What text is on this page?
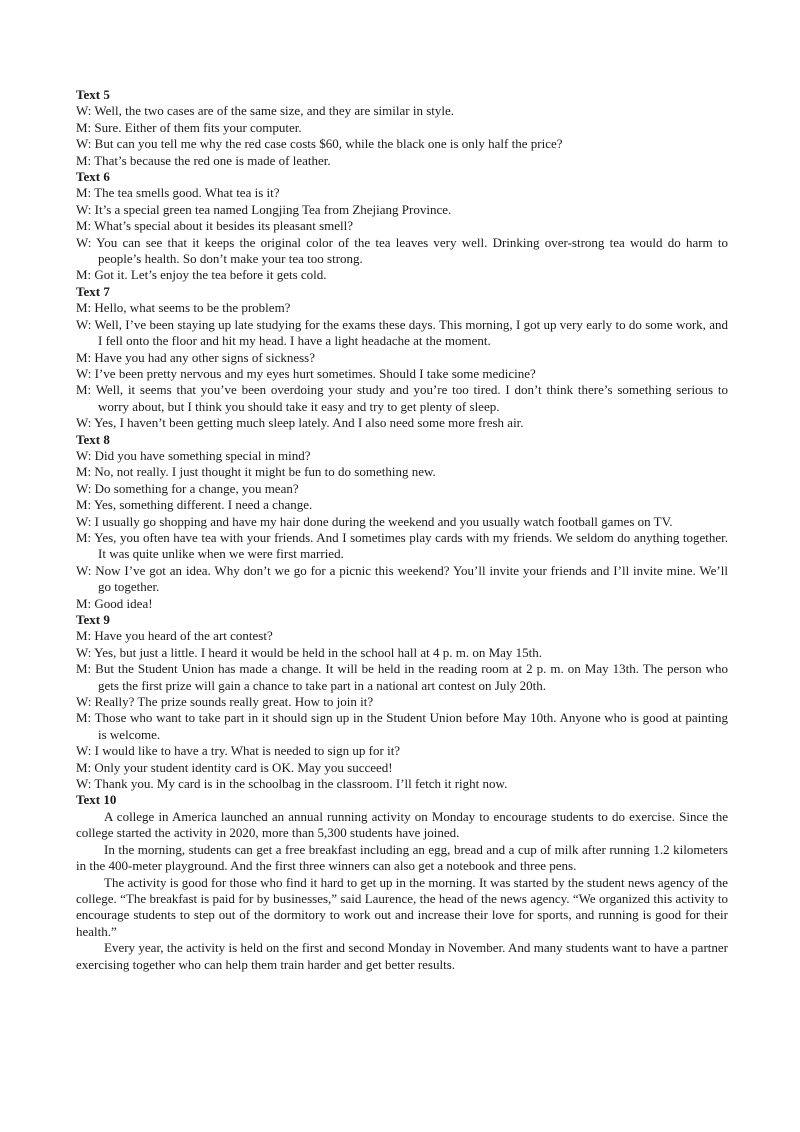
Text 5

W: Well, the two cases are of the same size, and they are similar in style.

M: Sure. Either of them fits your computer.

W: But can you tell me why the red case costs $60, while the black one is only half the price?

M: That’s because the red one is made of leather.

Text 6

M: The tea smells good. What tea is it?

W: It’s a special green tea named Longjing Tea from Zhejiang Province.

M: What’s special about it besides its pleasant smell?

W: You can see that it keeps the original color of the tea leaves very well. Drinking over-strong tea would do harm to people’s health. So don’t make your tea too strong.

M: Got it. Let’s enjoy the tea before it gets cold.

Text 7

M: Hello, what seems to be the problem?

W: Well, I’ve been staying up late studying for the exams these days. This morning, I got up very early to do some work, and I fell onto the floor and hit my head. I have a light headache at the moment.

M: Have you had any other signs of sickness?

W: I’ve been pretty nervous and my eyes hurt sometimes. Should I take some medicine?

M: Well, it seems that you’ve been overdoing your study and you’re too tired. I don’t think there’s something serious to worry about, but I think you should take it easy and try to get plenty of sleep.

W: Yes, I haven’t been getting much sleep lately. And I also need some more fresh air.

Text 8

W: Did you have something special in mind?

M: No, not really. I just thought it might be fun to do something new.

W: Do something for a change, you mean?

M: Yes, something different. I need a change.

W: I usually go shopping and have my hair done during the weekend and you usually watch football games on TV.

M: Yes, you often have tea with your friends. And I sometimes play cards with my friends. We seldom do anything together. It was quite unlike when we were first married.

W: Now I’ve got an idea. Why don’t we go for a picnic this weekend? You’ll invite your friends and I’ll invite mine. We’ll go together.

M: Good idea!

Text 9

M: Have you heard of the art contest?

W: Yes, but just a little. I heard it would be held in the school hall at 4 p. m. on May 15th.

M: But the Student Union has made a change. It will be held in the reading room at 2 p. m. on May 13th. The person who gets the first prize will gain a chance to take part in a national art contest on July 20th.

W: Really? The prize sounds really great. How to join it?

M: Those who want to take part in it should sign up in the Student Union before May 10th. Anyone who is good at painting is welcome.

W: I would like to have a try. What is needed to sign up for it?

M: Only your student identity card is OK. May you succeed!

W: Thank you. My card is in the schoolbag in the classroom. I’ll fetch it right now.

Text 10

A college in America launched an annual running activity on Monday to encourage students to do exercise. Since the college started the activity in 2020, more than 5,300 students have joined.

In the morning, students can get a free breakfast including an egg, bread and a cup of milk after running 1.2 kilometers in the 400-meter playground. And the first three winners can also get a notebook and three pens.

The activity is good for those who find it hard to get up in the morning. It was started by the student news agency of the college. “The breakfast is paid for by businesses,” said Laurence, the head of the news agency. “We organized this activity to encourage students to step out of the dormitory to work out and increase their love for sports, and running is good for their health.”

Every year, the activity is held on the first and second Monday in November. And many students want to have a partner exercising together who can help them train harder and get better results.
